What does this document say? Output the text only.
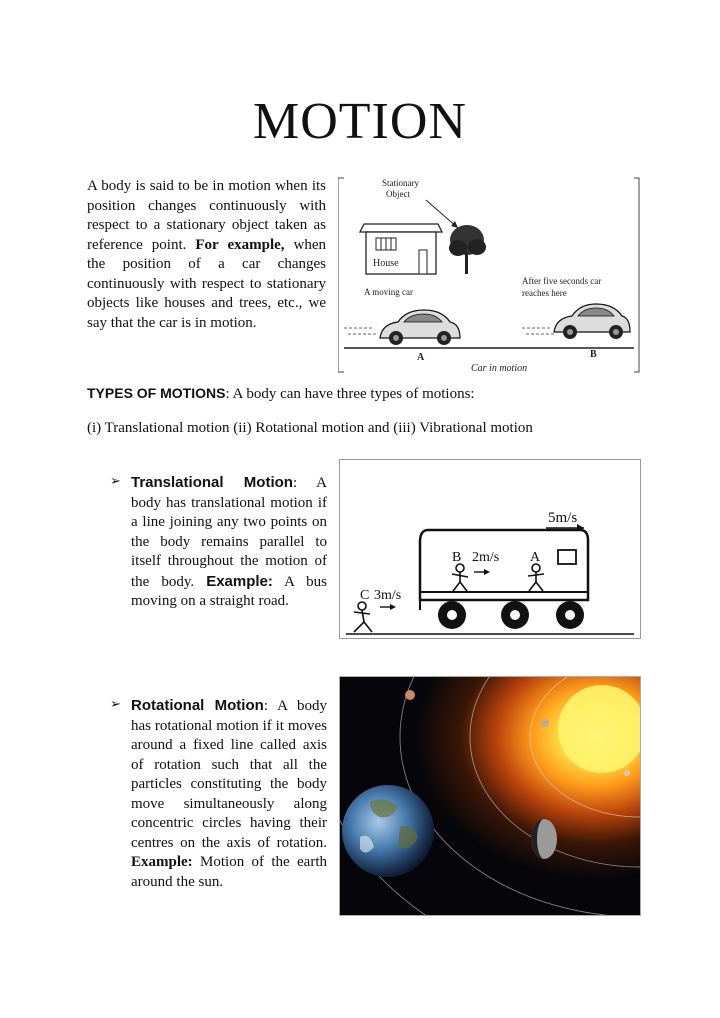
MOTION
A body is said to be in motion when its position changes continuously with respect to a stationary object taken as reference point. For example, when the position of a car changes continuously with respect to stationary objects like houses and trees, etc., we say that the car is in motion.
Stationary
Object
House
A moving car
After five seconds car
reaches here
A	B
Car in motion
TYPES OF MOTIONS: A body can have three types of motions:
(i) Translational motion (ii) Rotational motion and (iii) Vibrational motion
➢ Translational Motion: A body has translational motion if a line joining any two points on the body remains parallel to itself throughout the motion of the body. Example: A bus moving on a straight road.
5m/s
B 2m/s A
C 3m/s
➢ Rotational Motion: A body has rotational motion if it moves around a fixed line called axis of rotation such that all the particles constituting the body move simultaneously along concentric circles having their centres on the axis of rotation. Example: Motion of the earth around the sun.
